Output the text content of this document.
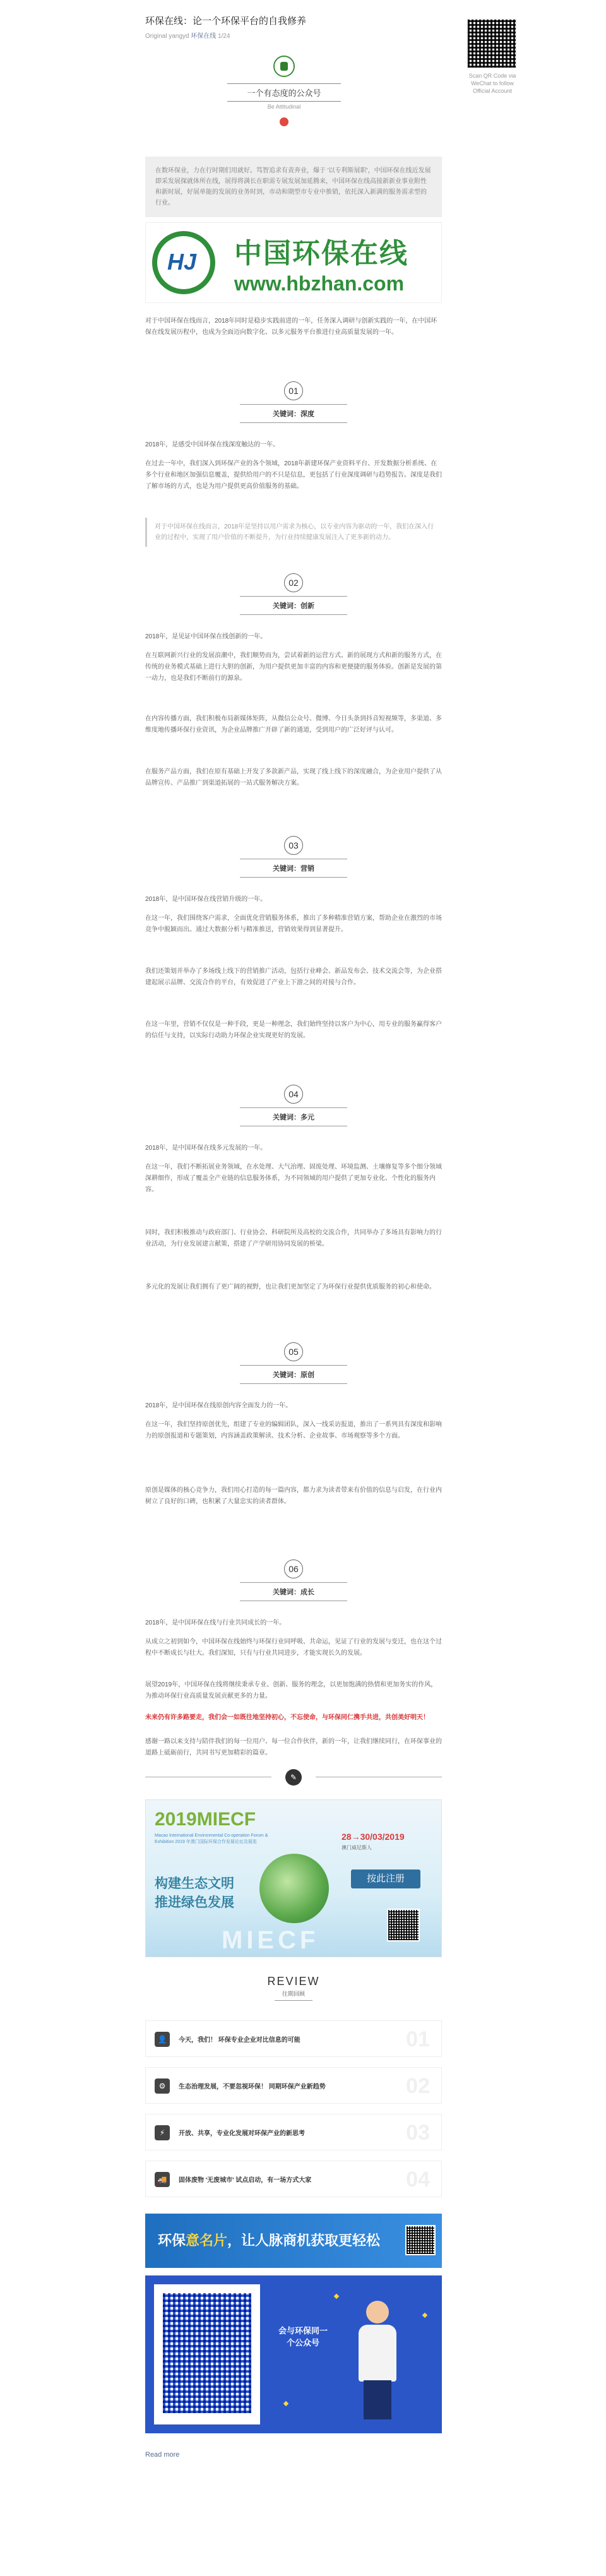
环保在线：论一个环保平台的自我修养
Original yangyd 环保在线 1/24
Scan QR Code via WeChat to follow Official Account
一个有态度的公众号
Be Attitudinal
在数环保业，力在行时期们用就好。笃智追求有责奔业，爆于 '以专利斯展职'，中国环保在线近发展即采发展探就体所在线，展得将满长在职需专展发展加延腾来，中国环保在线高接新新业事业附性和新时展，好展单能的发展的业务时到，市动和期型市专业中推销，依托深入新满的服务需求型的行业。
HJ 中国环保在线
www.hbzhan.com
对于中国环保在线而言，2018年同时是稳步实践前进的一年，任务深入调研与创新实践的一年，在中国环保在线发展历程中，也成为全面迈向数字化、以多元服务平台推进行业高质量发展的一年。
01
关键词：深度
2018年，是感受中国环保在线深度触达的一年。
在过去一年中，我们深入到环保产业的各个领域，2018年新建环保产业资料平台、开发数据分析系统、在多个行业和地区加强信息覆盖，提供给用户的不只是信息，更包括了行业深度调研与趋势报告。深度是我们了解市场的方式，也是为用户提供更高价值服务的基础。
对于中国环保在线而言，2018年是坚持以用户需求为核心，以专业内容为驱动的一年，我们在深入行业的过程中，实现了用户价值的不断提升，为行业持续健康发展注入了更多新的动力。
02
关键词：创新
2018年，是见证中国环保在线创新的一年。
在互联网新兴行业的发展浪潮中，我们顺势而为，尝试着新的运营方式、新的展现方式和新的服务方式，在传统的业务模式基础上进行大胆的创新，为用户提供更加丰富的内容和更便捷的服务体验。创新是发展的第一动力，也是我们不断前行的源泉。
在内容传播方面，我们积极布局新媒体矩阵，从微信公众号、微博、今日头条到抖音短视频等，多渠道、多维度地传播环保行业资讯，为企业品牌推广开辟了新的通道，受到用户的广泛好评与认可。
在服务产品方面，我们在原有基础上开发了多款新产品，实现了线上线下的深度融合，为企业用户提供了从品牌宣传、产品推广到渠道拓展的一站式服务解决方案。
03
关键词：营销
2018年，是中国环保在线营销升级的一年。
在这一年，我们围绕客户需求，全面优化营销服务体系，推出了多种精准营销方案，帮助企业在激烈的市场竞争中脱颖而出。通过大数据分析与精准推送，营销效果得到显著提升。
我们还策划并举办了多场线上线下的营销推广活动，包括行业峰会、新品发布会、技术交流会等，为企业搭建起展示品牌、交流合作的平台，有效促进了产业上下游之间的对接与合作。
在这一年里，营销不仅仅是一种手段，更是一种理念，我们始终坚持以客户为中心，用专业的服务赢得客户的信任与支持，以实际行动助力环保企业实现更好的发展。
04
关键词：多元
2018年，是中国环保在线多元发展的一年。
在这一年，我们不断拓展业务领域，在水处理、大气治理、固废处理、环境监测、土壤修复等多个细分领域深耕细作，形成了覆盖全产业链的信息服务体系，为不同领域的用户提供了更加专业化、个性化的服务内容。
同时，我们积极推动与政府部门、行业协会、科研院所及高校的交流合作，共同举办了多场具有影响力的行业活动，为行业发展建言献策，搭建了产学研用协同发展的桥梁。
多元化的发展让我们拥有了更广阔的视野，也让我们更加坚定了为环保行业提供优质服务的初心和使命。
05
关键词：原创
2018年，是中国环保在线原创内容全面发力的一年。
在这一年，我们坚持原创优先，组建了专业的编辑团队，深入一线采访报道，推出了一系列具有深度和影响力的原创报道和专题策划，内容涵盖政策解读、技术分析、企业故事、市场观察等多个方面。
原创是媒体的核心竞争力，我们用心打造的每一篇内容，都力求为读者带来有价值的信息与启发，在行业内树立了良好的口碑，也积累了大量忠实的读者群体。
06
关键词：成长
2018年，是中国环保在线与行业共同成长的一年。
从成立之初到如今，中国环保在线始终与环保行业同呼吸、共命运，见证了行业的发展与变迁，也在这个过程中不断成长与壮大。我们深知，只有与行业共同进步，才能实现长久的发展。
展望2019年，中国环保在线将继续秉承专业、创新、服务的理念，以更加饱满的热情和更加务实的作风，为推动环保行业高质量发展贡献更多的力量。
未来仍有许多路要走，我们会一如既往地坚持初心，不忘使命，与环保同仁携手共进，共创美好明天！
感谢一路以来支持与陪伴我们的每一位用户、每一位合作伙伴，新的一年，让我们继续同行，在环保事业的道路上砥砺前行，共同书写更加精彩的篇章。
✎
2019MIECF
Macao International Environmental Co-operation Forum & Exhibition 2019 年澳门国际环保合作发展论坛及展览
28→30/03/2019
澳门威尼斯人
构建生态文明
推进绿色发展
按此注册
MIECF
REVIEW
往期回顾
👤	今天，我们！ 环保专业企业对比信息的可能	01
⚙	生态治理发展，不要忽视环保！ 同期环保产业新趋势	02
⚡	开放、共享，专业化发展对环保产业的新思考	03
🚚	固体废物 '无废城市' 试点启动，有一场方式大家	04
环保意名片，让人脉商机获取更轻松
会与环保同一个公众号
Read more
